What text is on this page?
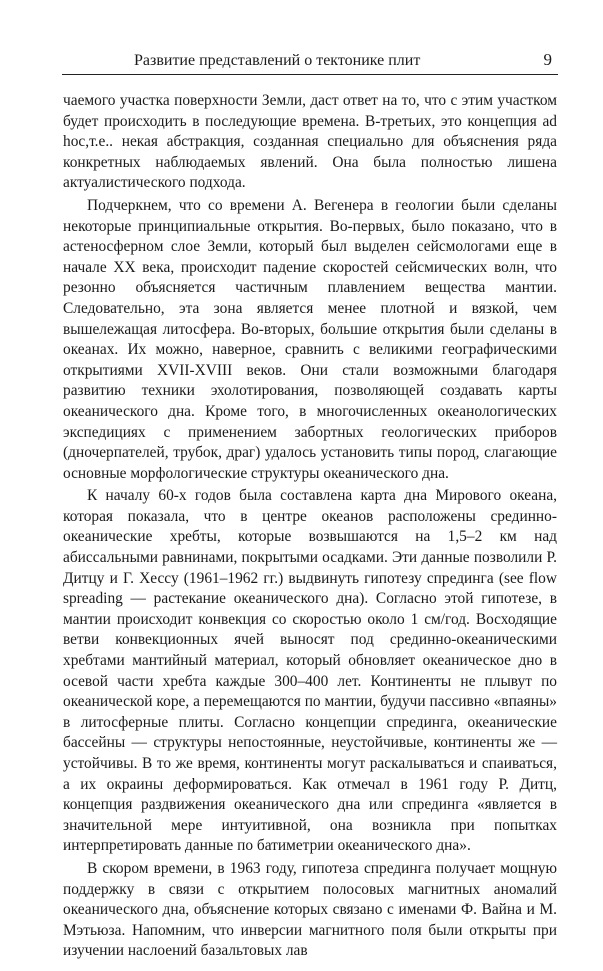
Развитие представлений о тектонике плит	9

чаемого участка поверхности Земли, даст ответ на то, что с этим участком будет происходить в последующие времена. В-третьих, это концепция ad hoc,т.е.. некая абстракция, созданная специально для объяснения ряда конкретных наблюдаемых явлений. Она была полностью лишена актуалистического подхода.

Подчеркнем, что со времени А. Вегенера в геологии были сделаны некоторые принципиальные открытия. Во-первых, было показано, что в астеносферном слое Земли, который был выделен сейсмологами еще в начале XX века, происходит падение скоростей сейсмических волн, что резонно объясняется частичным плавлением вещества мантии. Следовательно, эта зона является менее плотной и вязкой, чем вышележащая литосфера. Во-вторых, большие открытия были сделаны в океанах. Их можно, наверное, сравнить с великими географическими открытиями XVII-XVIII веков. Они стали возможными благодаря развитию техники эхолотирования, позволяющей создавать карты океанического дна. Кроме того, в многочисленных океанологических экспедициях с применением забортных геологических приборов (дночерпателей, трубок, драг) удалось установить типы пород, слагающие основные морфологические структуры океанического дна.

К началу 60-х годов была составлена карта дна Мирового океана, которая показала, что в центре океанов расположены срединно-океанические хребты, которые возвышаются на 1,5–2 км над абиссальными равнинами, покрытыми осадками. Эти данные позволили Р. Дитцу и Г. Хессу (1961–1962 гг.) выдвинуть гипотезу спрединга (see flow spreading — растекание океанического дна). Согласно этой гипотезе, в мантии происходит конвекция со скоростью около 1 см/год. Восходящие ветви конвекционных ячей выносят под срединно-океаническими хребтами мантийный материал, который обновляет океаническое дно в осевой части хребта каждые 300–400 лет. Континенты не плывут по океанической коре, а перемещаются по мантии, будучи пассивно «впаяны» в литосферные плиты. Согласно концепции спрединга, океанические бассейны — структуры непостоянные, неустойчивые, континенты же — устойчивы. В то же время, континенты могут раскалываться и спаиваться, а их окраины деформироваться. Как отмечал в 1961 году Р. Дитц, концепция раздвижения океанического дна или спрединга «является в значительной мере интуитивной, она возникла при попытках интерпретировать данные по батиметрии океанического дна».

В скором времени, в 1963 году, гипотеза спрединга получает мощную поддержку в связи с открытием полосовых магнитных аномалий океанического дна, объяснение которых связано с именами Ф. Вайна и М. Мэтьюза. Напомним, что инверсии магнитного поля были открыты при изучении наслоений базальтовых лав
